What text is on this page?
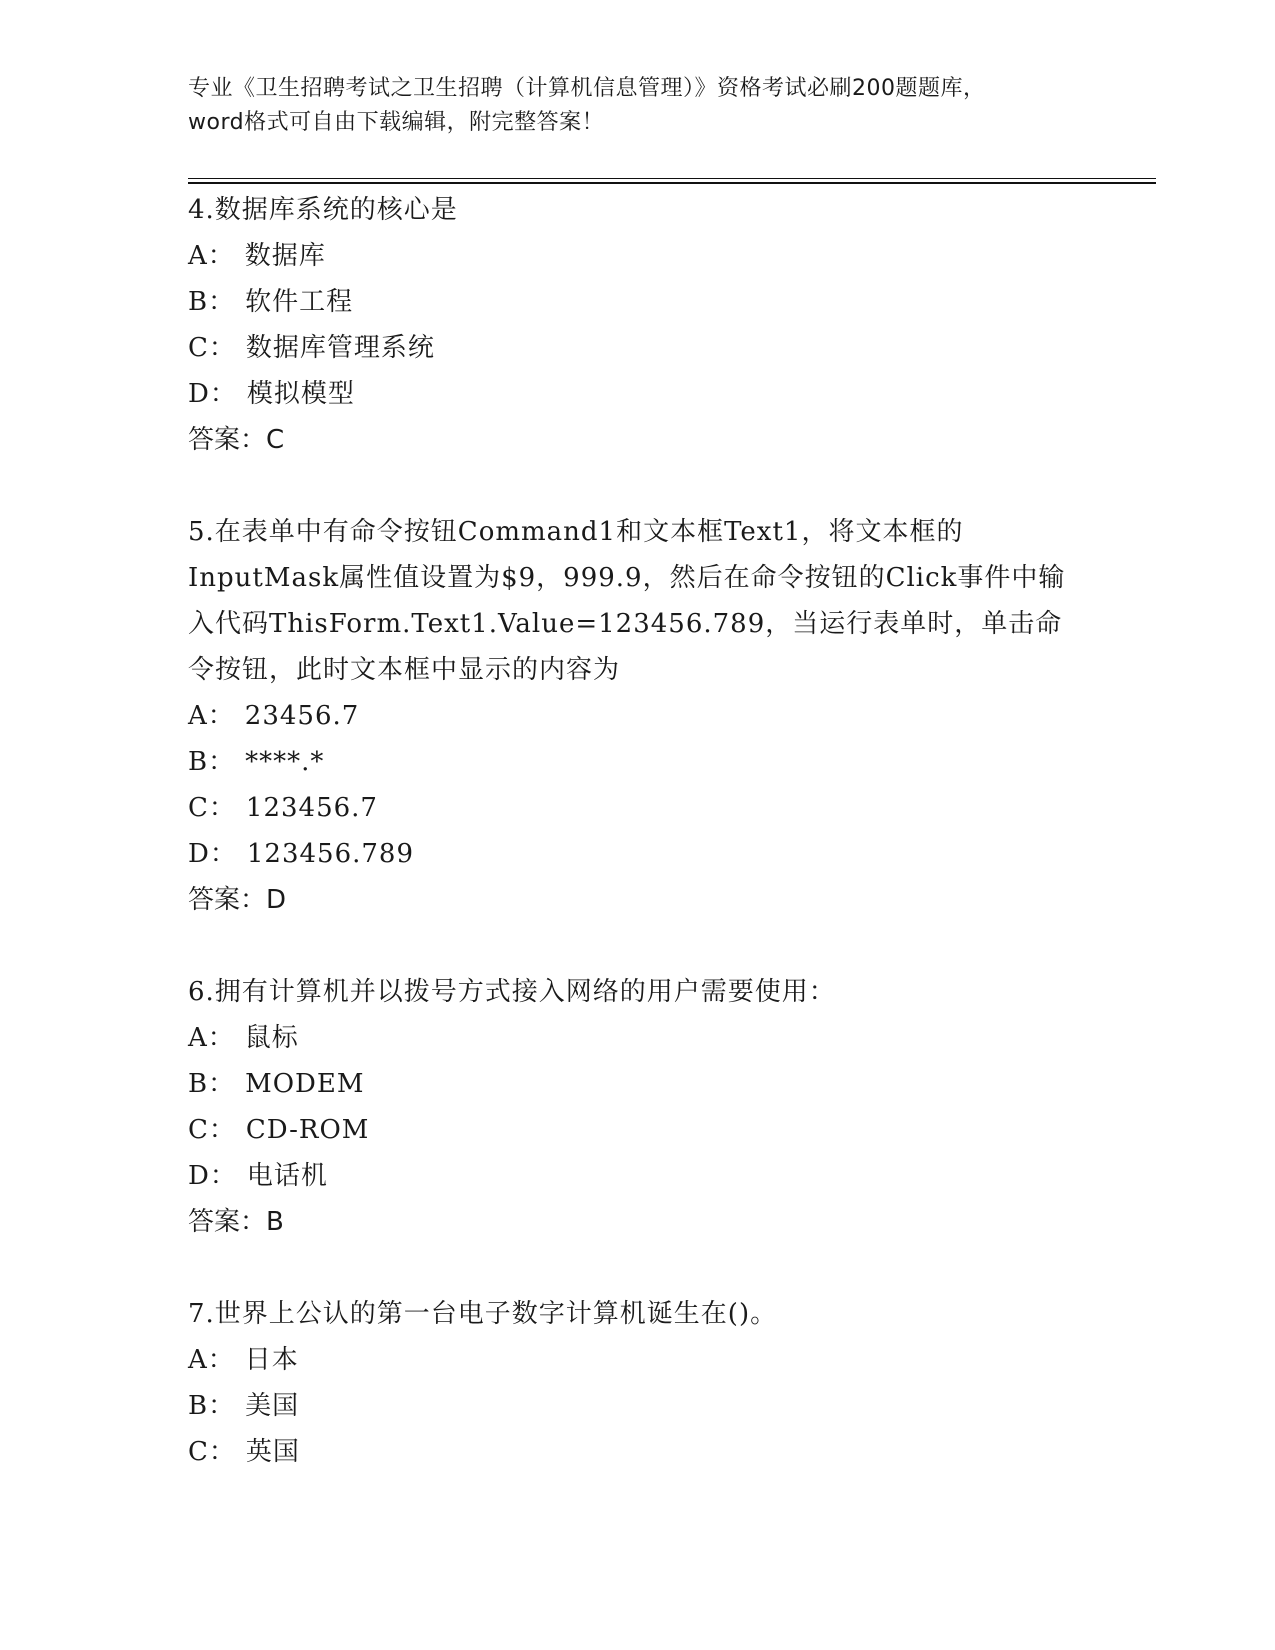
专业《卫生招聘考试之卫生招聘（计算机信息管理）》资格考试必刷200题题库，
word格式可自由下载编辑，附完整答案！
4.数据库系统的核心是
A： 数据库
B： 软件工程
C： 数据库管理系统
D： 模拟模型
答案：C
5.在表单中有命令按钮Command1和文本框Text1，将文本框的InputMask属性值设置为$9，999.9，然后在命令按钮的Click事件中输入代码ThisForm.Text1.Value=123456.789，当运行表单时，单击命令按钮，此时文本框中显示的内容为
A： 23456.7
B： ****.*
C： 123456.7
D： 123456.789
答案：D
6.拥有计算机并以拨号方式接入网络的用户需要使用：
A： 鼠标
B： MODEM
C： CD-ROM
D： 电话机
答案：B
7.世界上公认的第一台电子数字计算机诞生在()。
A： 日本
B： 美国
C： 英国
